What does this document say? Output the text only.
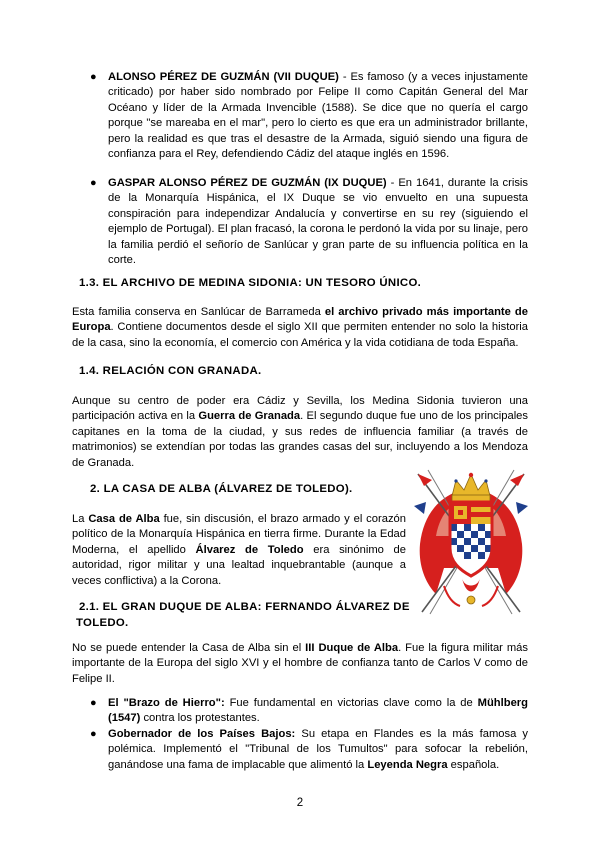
● ALONSO PÉREZ DE GUZMÁN (VII DUQUE) - Es famoso (y a veces injustamente
criticado) por haber sido nombrado por Felipe II como Capitán General del Mar
Océano y líder de la Armada Invencible (1588). Se dice que no quería el cargo
porque "se mareaba en el mar", pero lo cierto es que era un administrador brillante,
pero la realidad es que tras el desastre de la Armada, siguió siendo una figura de
confianza para el Rey, defendiendo Cádiz del ataque inglés en 1596.
● GASPAR ALONSO PÉREZ DE GUZMÁN (IX DUQUE) - En 1641, durante la crisis
de la Monarquía Hispánica, el IX Duque se vio envuelto en una supuesta
conspiración para independizar Andalucía y convertirse en su rey (siguiendo el
ejemplo de Portugal). El plan fracasó, la corona le perdonó la vida por su linaje, pero
la familia perdió el señorío de Sanlúcar y gran parte de su influencia política en la
corte.
1.3. EL ARCHIVO DE MEDINA SIDONIA: UN TESORO ÚNICO.
Esta familia conserva en Sanlúcar de Barrameda el archivo privado más importante de
Europa. Contiene documentos desde el siglo XII que permiten entender no solo la historia
de la casa, sino la economía, el comercio con América y la vida cotidiana de toda España.
1.4. RELACIÓN CON GRANADA.
Aunque su centro de poder era Cádiz y Sevilla, los Medina Sidonia tuvieron una
participación activa en la Guerra de Granada. El segundo duque fue uno de los principales
capitanes en la toma de la ciudad, y sus redes de influencia familiar (a través de
matrimonios) se extendían por todas las grandes casas del sur, incluyendo a los Mendoza
de Granada.
2. LA CASA DE ALBA (ÁLVAREZ DE TOLEDO).
La Casa de Alba fue, sin discusión, el brazo armado y el corazón
político de la Monarquía Hispánica en tierra firme. Durante la Edad
Moderna, el apellido Álvarez de Toledo era sinónimo de
autoridad, rigor militar y una lealtad inquebrantable (aunque a
veces conflictiva) a la Corona.
2.1. EL GRAN DUQUE DE ALBA: FERNANDO ÁLVAREZ DE
TOLEDO.
No se puede entender la Casa de Alba sin el III Duque de Alba. Fue la figura militar más
importante de la Europa del siglo XVI y el hombre de confianza tanto de Carlos V como de
Felipe II.
● El "Brazo de Hierro": Fue fundamental en victorias clave como la de Mühlberg
(1547) contra los protestantes.
● Gobernador de los Países Bajos: Su etapa en Flandes es la más famosa y
polémica. Implementó el "Tribunal de los Tumultos" para sofocar la rebelión,
ganándose una fama de implacable que alimentó la Leyenda Negra española.
2
